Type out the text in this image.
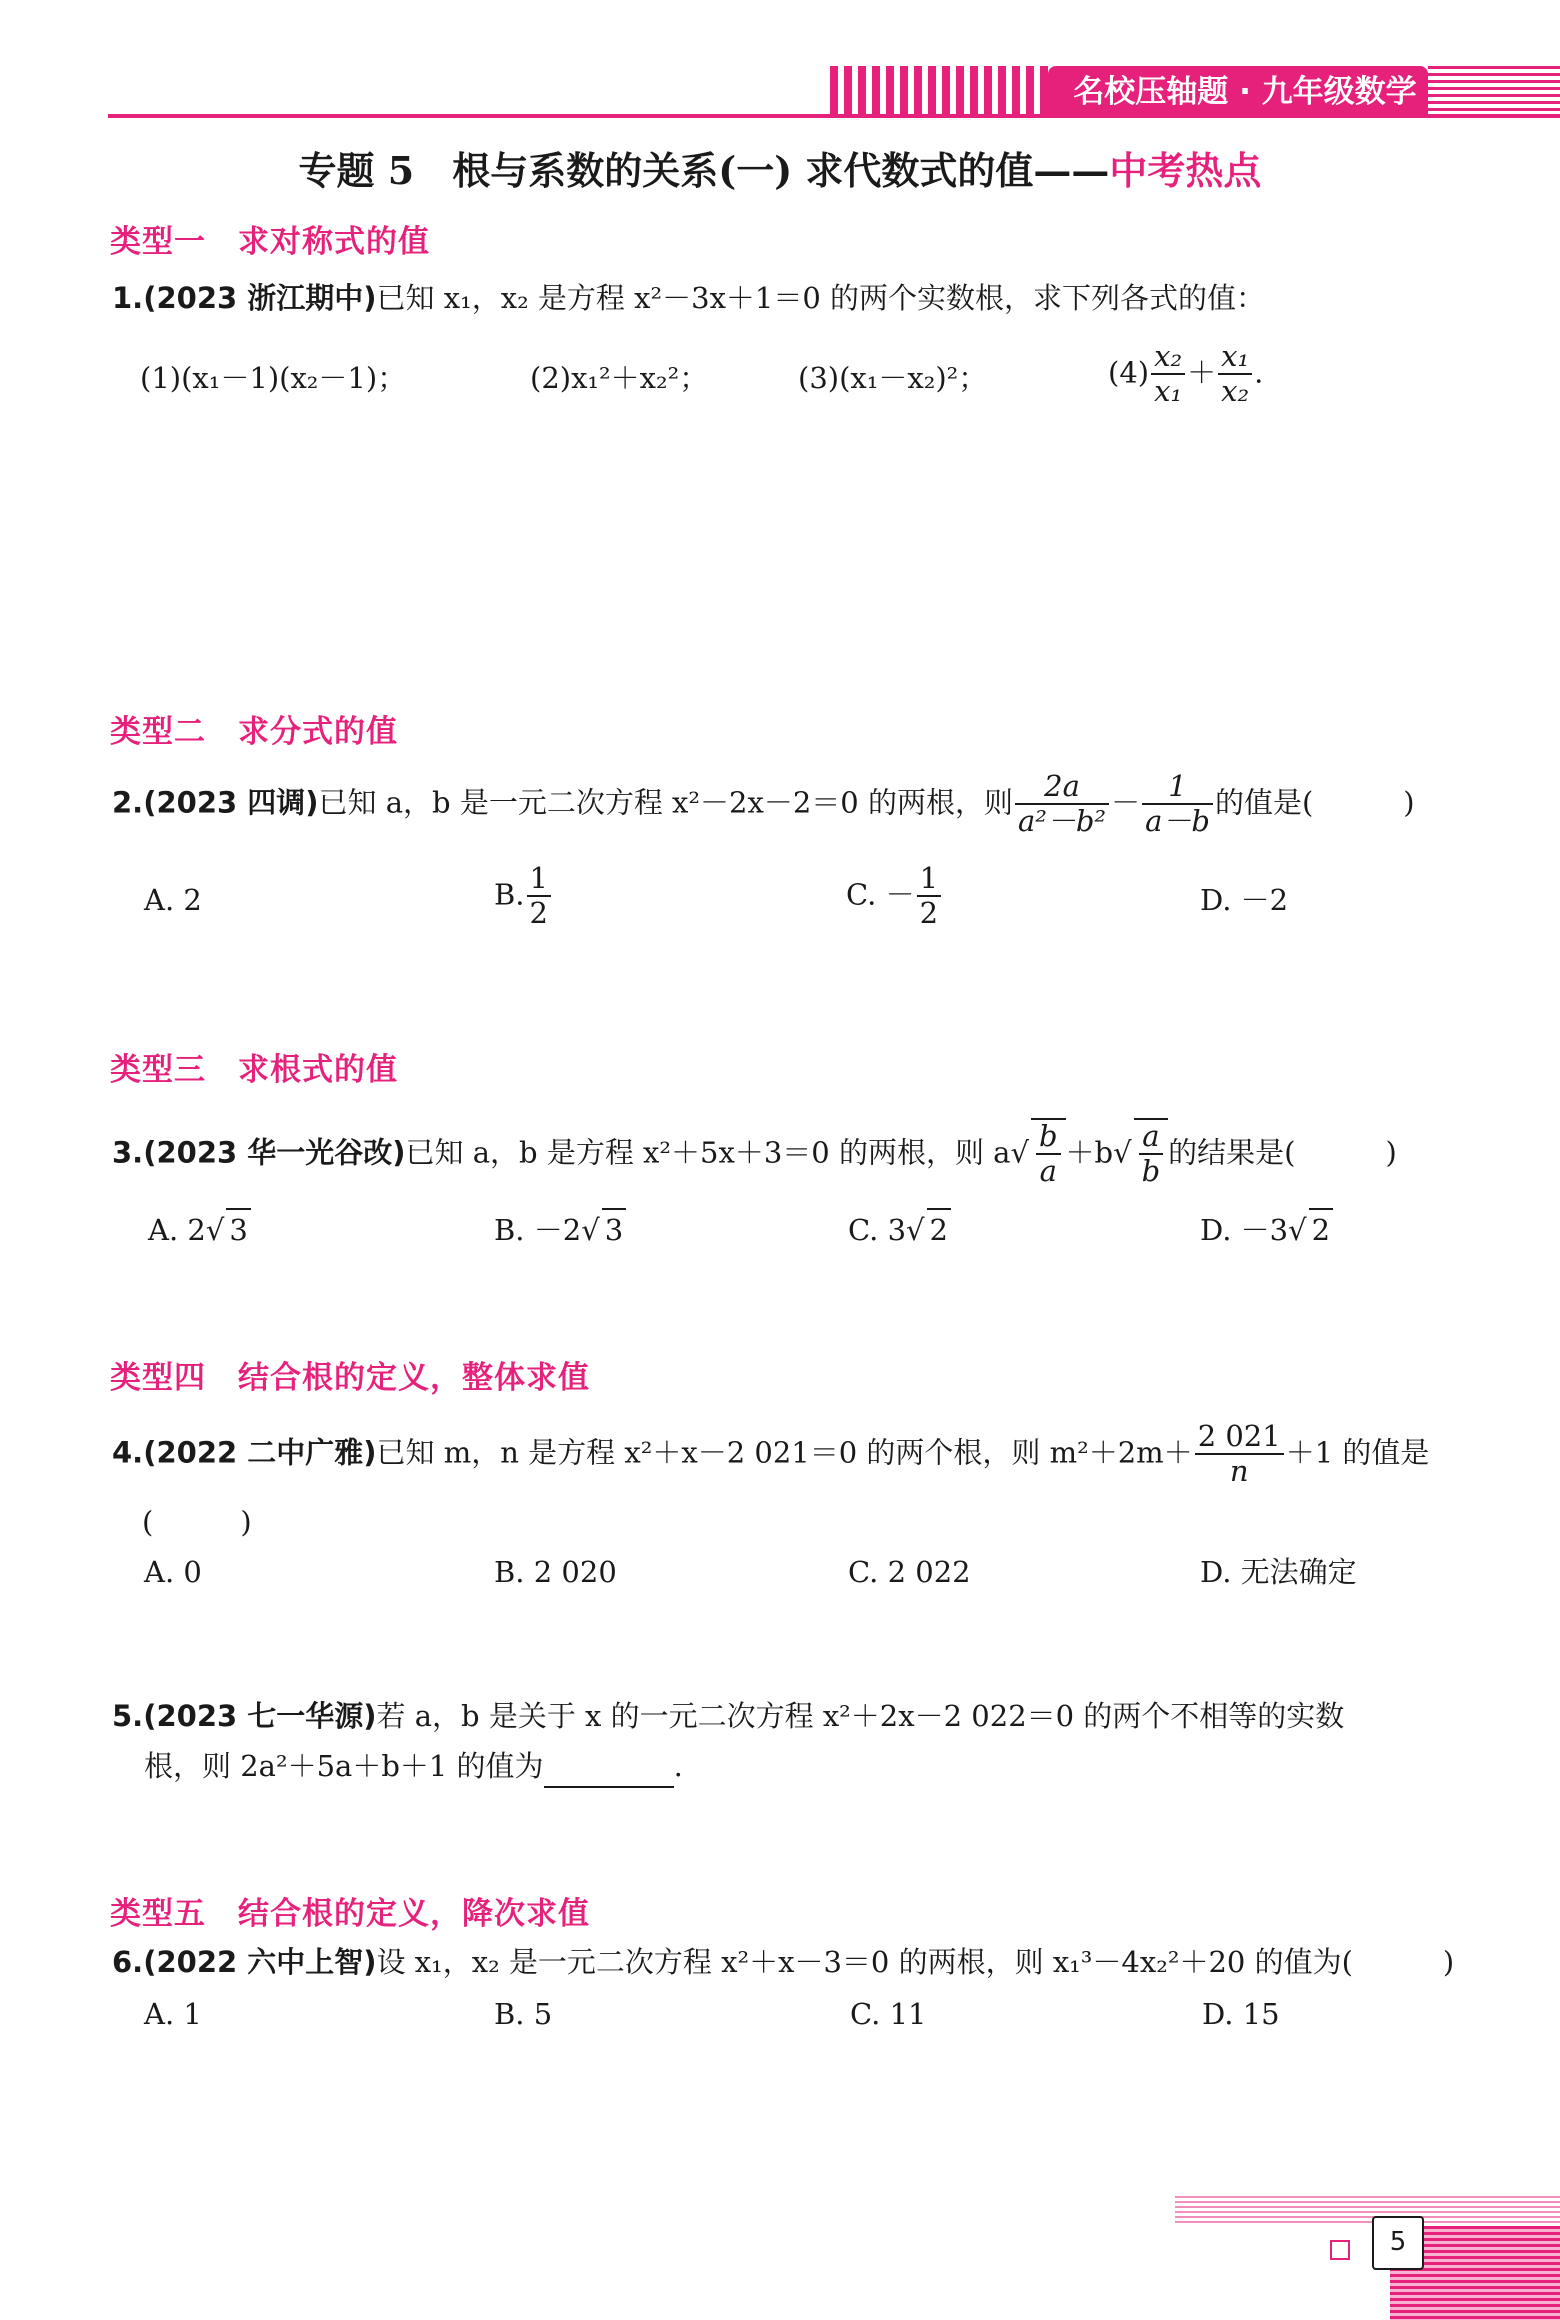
名校压轴题 · 九年级数学
专题 5　根与系数的关系(一) 求代数式的值——中考热点
类型一　求对称式的值
1.(2023 浙江期中)已知 x₁，x₂ 是方程 x²－3x＋1＝0 的两个实数根，求下列各式的值：
(1)(x₁－1)(x₂－1)；	(2)x₁²＋x₂²；	(3)(x₁－x₂)²；	$(4) \frac{\text{x₂}}{\text{x₁}} + \frac{\text{x₁}}{\text{x₂}}$ .
类型二　求分式的值
2.(2023 四调)已知 a，b 是一元二次方程 x²－2x－2＝0 的两根，则 $\frac{2a}{\text{a²－b²}} - \frac{1}{a-b}$ 的值是(	)
A. 2	B. $\frac{1}{2}$	C. － $\frac{1}{2}$	D. －2
类型三　求根式的值
3.(2023 华一光谷改)已知 a，b 是方程 x²＋5x＋3＝0 的两根，则 $a√ \frac{b}{a} +b√ \frac{a}{b}$ 的结果是(	)
A. 2√ 3	B. －2√ 3	C. 3√ 2	D. －3√ 2
类型四　结合根的定义，整体求值
4.(2022 二中广雅)已知 m，n 是方程 x²＋x－2 021＝0 的两个根，则 $m^2+2m+ \frac{2 021}{n} +1$ 的值是
(　　　)
A. 0	B. 2 020	C. 2 022	D. 无法确定
5.(2023 七一华源)若 a，b 是关于 x 的一元二次方程 x²＋2x－2 022＝0 的两个不相等的实数
根，则 2a²＋5a＋b＋1 的值为	.
类型五　结合根的定义，降次求值
6.(2022 六中上智)设 x₁，x₂ 是一元二次方程 x²＋x－3＝0 的两根，则 x₁³－4x₂²＋20 的值为(	)
A. 1	B. 5	C. 11	D. 15
5
